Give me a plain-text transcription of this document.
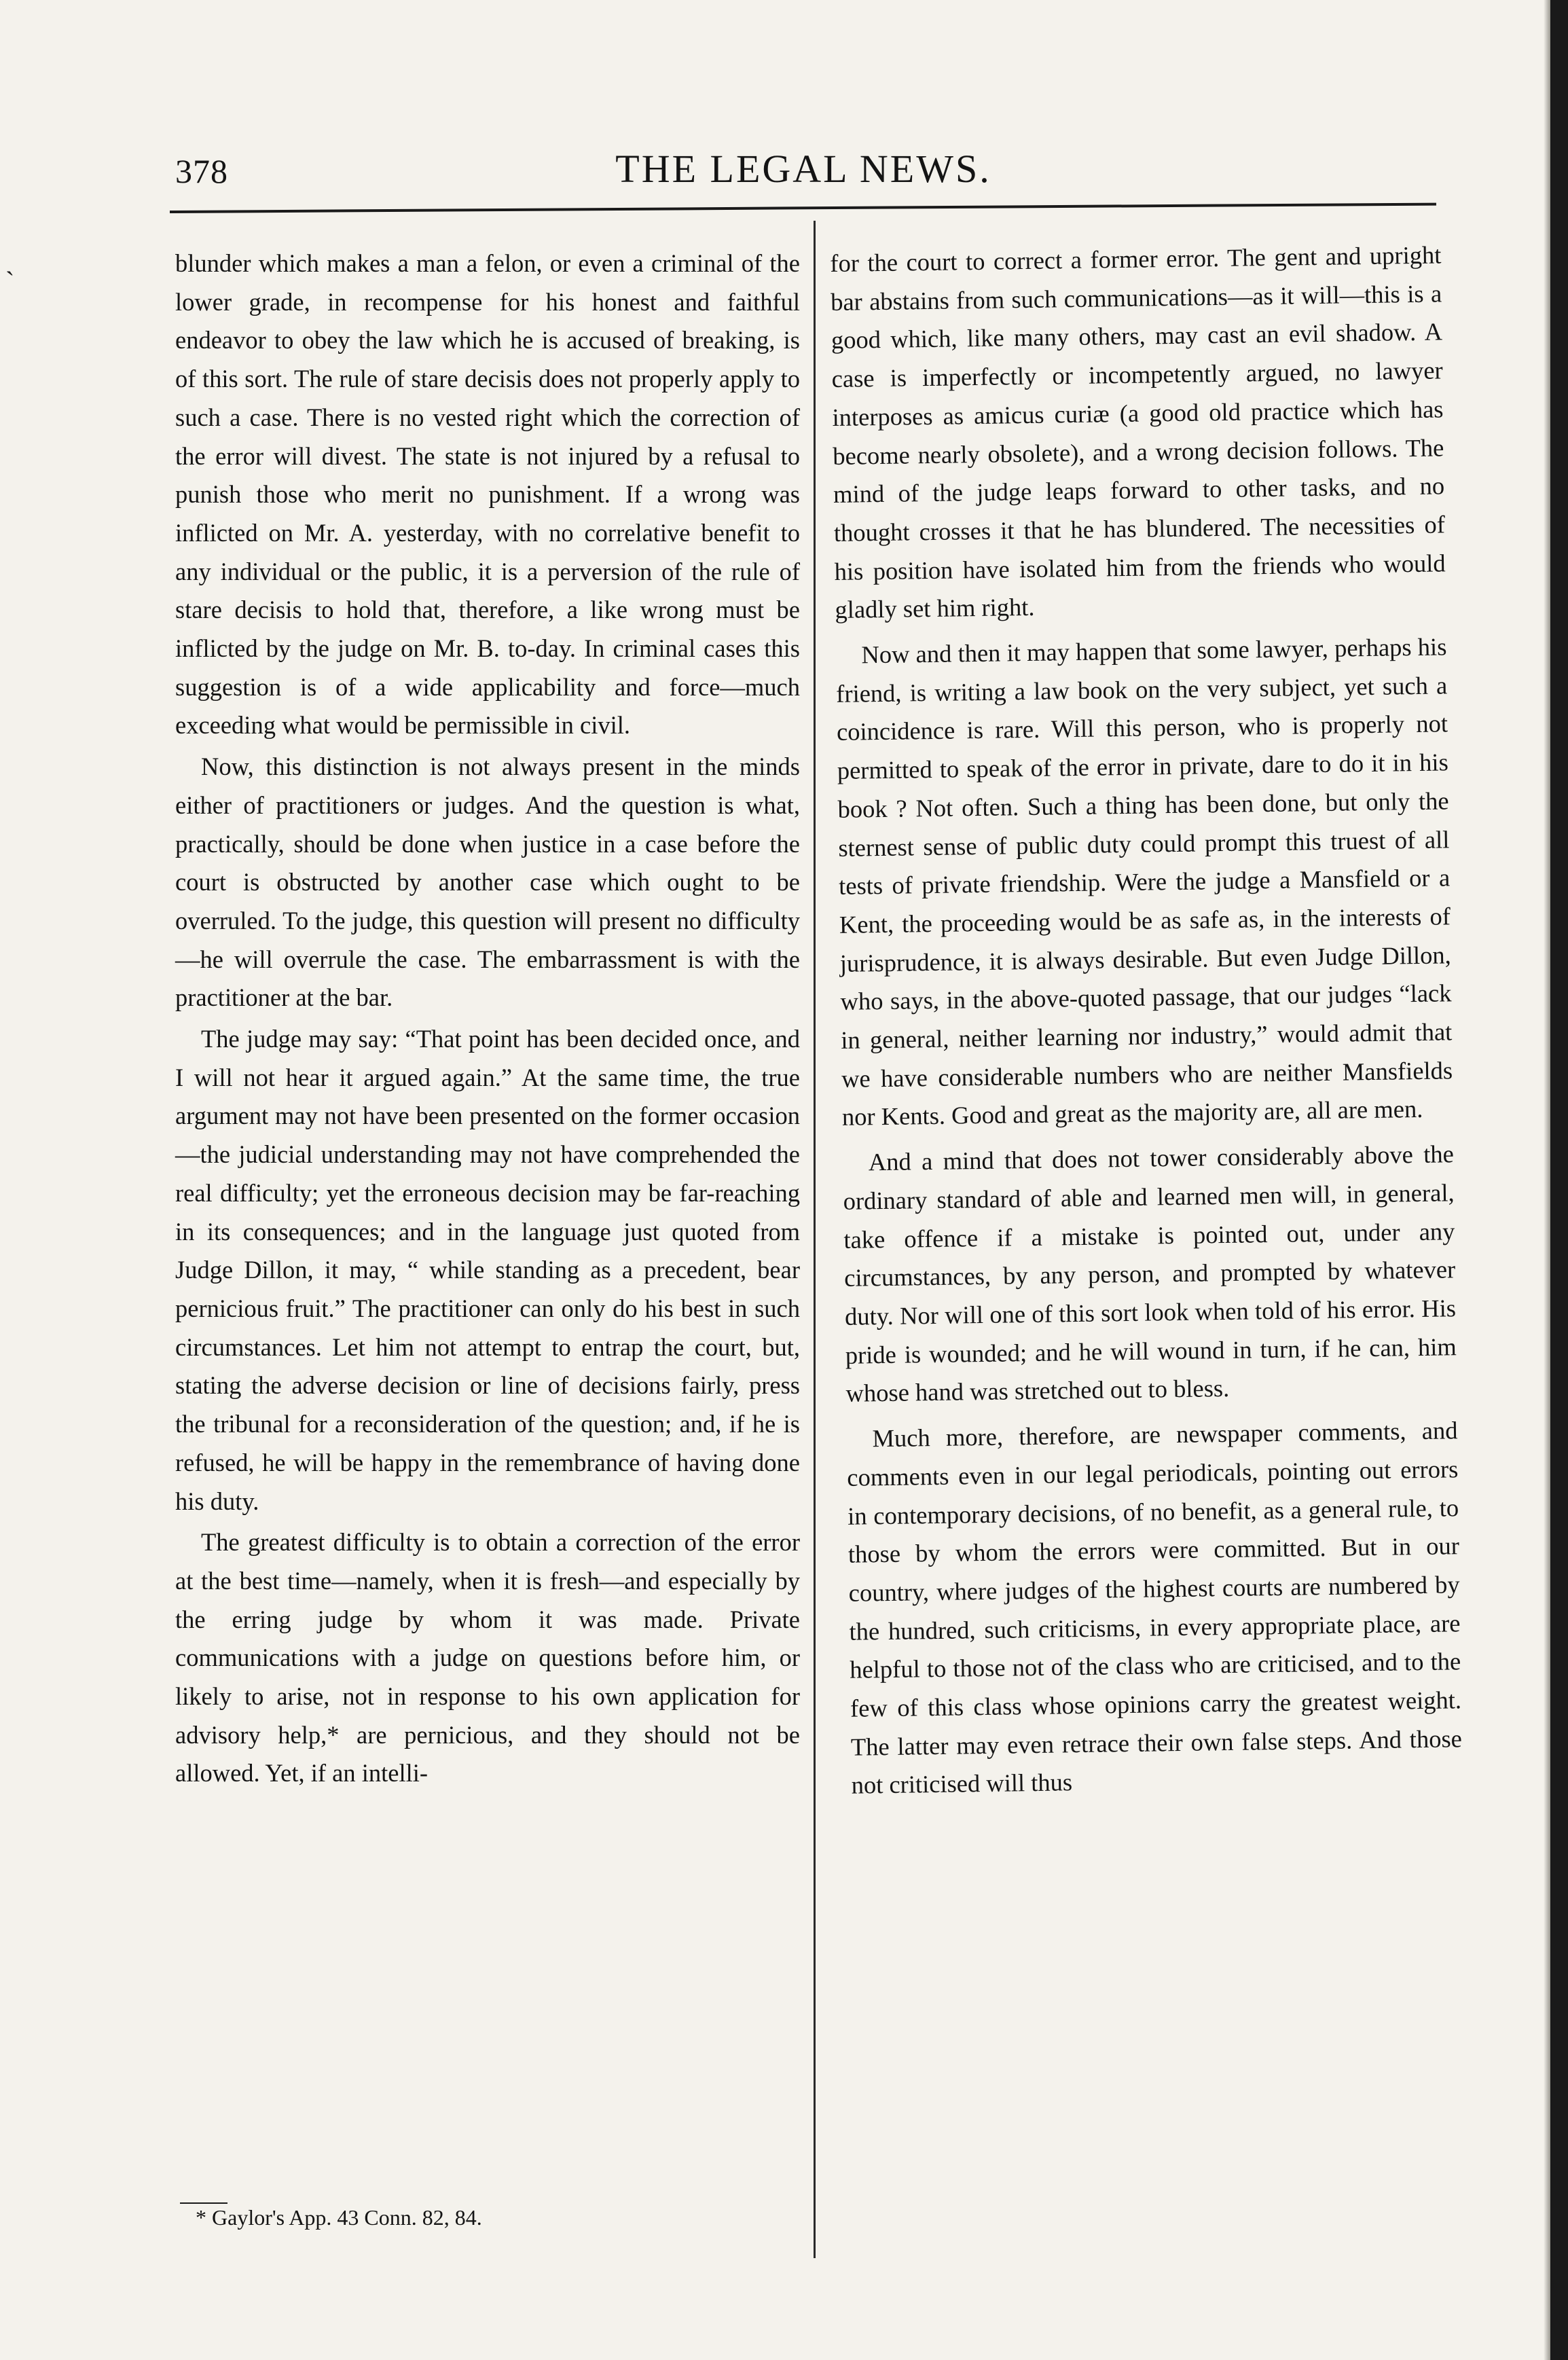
378	THE LEGAL NEWS.

blunder which makes a man a felon, or even a criminal of the lower grade, in recompense for his honest and faithful endeavor to obey the law which he is accused of breaking, is of this sort. The rule of stare decisis does not properly apply to such a case. There is no vested right which the correction of the error will divest. The state is not injured by a refusal to punish those who merit no punishment. If a wrong was inflicted on Mr. A. yesterday, with no correlative benefit to any individual or the public, it is a perversion of the rule of stare decisis to hold that, therefore, a like wrong must be inflicted by the judge on Mr. B. to-day. In criminal cases this suggestion is of a wide applicability and force—much exceeding what would be permissible in civil.

Now, this distinction is not always present in the minds either of practitioners or judges. And the question is what, practically, should be done when justice in a case before the court is obstructed by another case which ought to be overruled. To the judge, this question will present no difficulty—he will overrule the case. The embarrassment is with the practitioner at the bar.

The judge may say: “That point has been decided once, and I will not hear it argued again.” At the same time, the true argument may not have been presented on the former occasion—the judicial understanding may not have comprehended the real difficulty; yet the erroneous decision may be far-reaching in its consequences; and in the language just quoted from Judge Dillon, it may, “ while standing as a precedent, bear pernicious fruit.” The practitioner can only do his best in such circumstances. Let him not attempt to entrap the court, but, stating the adverse decision or line of decisions fairly, press the tribunal for a reconsideration of the question; and, if he is refused, he will be happy in the remembrance of having done his duty.

The greatest difficulty is to obtain a correction of the error at the best time—namely, when it is fresh—and especially by the erring judge by whom it was made. Private communications with a judge on questions before him, or likely to arise, not in response to his own application for advisory help,* are pernicious, and they should not be allowed. Yet, if an intelli-

for the court to correct a former error. The gent and upright bar abstains from such communications—as it will—this is a good which, like many others, may cast an evil shadow. A case is imperfectly or incompetently argued, no lawyer interposes as amicus curiæ (a good old practice which has become nearly obsolete), and a wrong decision follows. The mind of the judge leaps forward to other tasks, and no thought crosses it that he has blundered. The necessities of his position have isolated him from the friends who would gladly set him right.

Now and then it may happen that some lawyer, perhaps his friend, is writing a law book on the very subject, yet such a coincidence is rare. Will this person, who is properly not permitted to speak of the error in private, dare to do it in his book ? Not often. Such a thing has been done, but only the sternest sense of public duty could prompt this truest of all tests of private friendship. Were the judge a Mansfield or a Kent, the proceeding would be as safe as, in the interests of jurisprudence, it is always desirable. But even Judge Dillon, who says, in the above-quoted passage, that our judges “lack in general, neither learning nor industry,” would admit that we have considerable numbers who are neither Mansfields nor Kents. Good and great as the majority are, all are men.

And a mind that does not tower considerably above the ordinary standard of able and learned men will, in general, take offence if a mistake is pointed out, under any circumstances, by any person, and prompted by whatever duty. Nor will one of this sort look when told of his error. His pride is wounded; and he will wound in turn, if he can, him whose hand was stretched out to bless.

Much more, therefore, are newspaper comments, and comments even in our legal periodicals, pointing out errors in contemporary decisions, of no benefit, as a general rule, to those by whom the errors were committed. But in our country, where judges of the highest courts are numbered by the hundred, such criticisms, in every appropriate place, are helpful to those not of the class who are criticised, and to the few of this class whose opinions carry the greatest weight. The latter may even retrace their own false steps. And those not criticised will thus

* Gaylor's App. 43 Conn. 82, 84.
ˏ
